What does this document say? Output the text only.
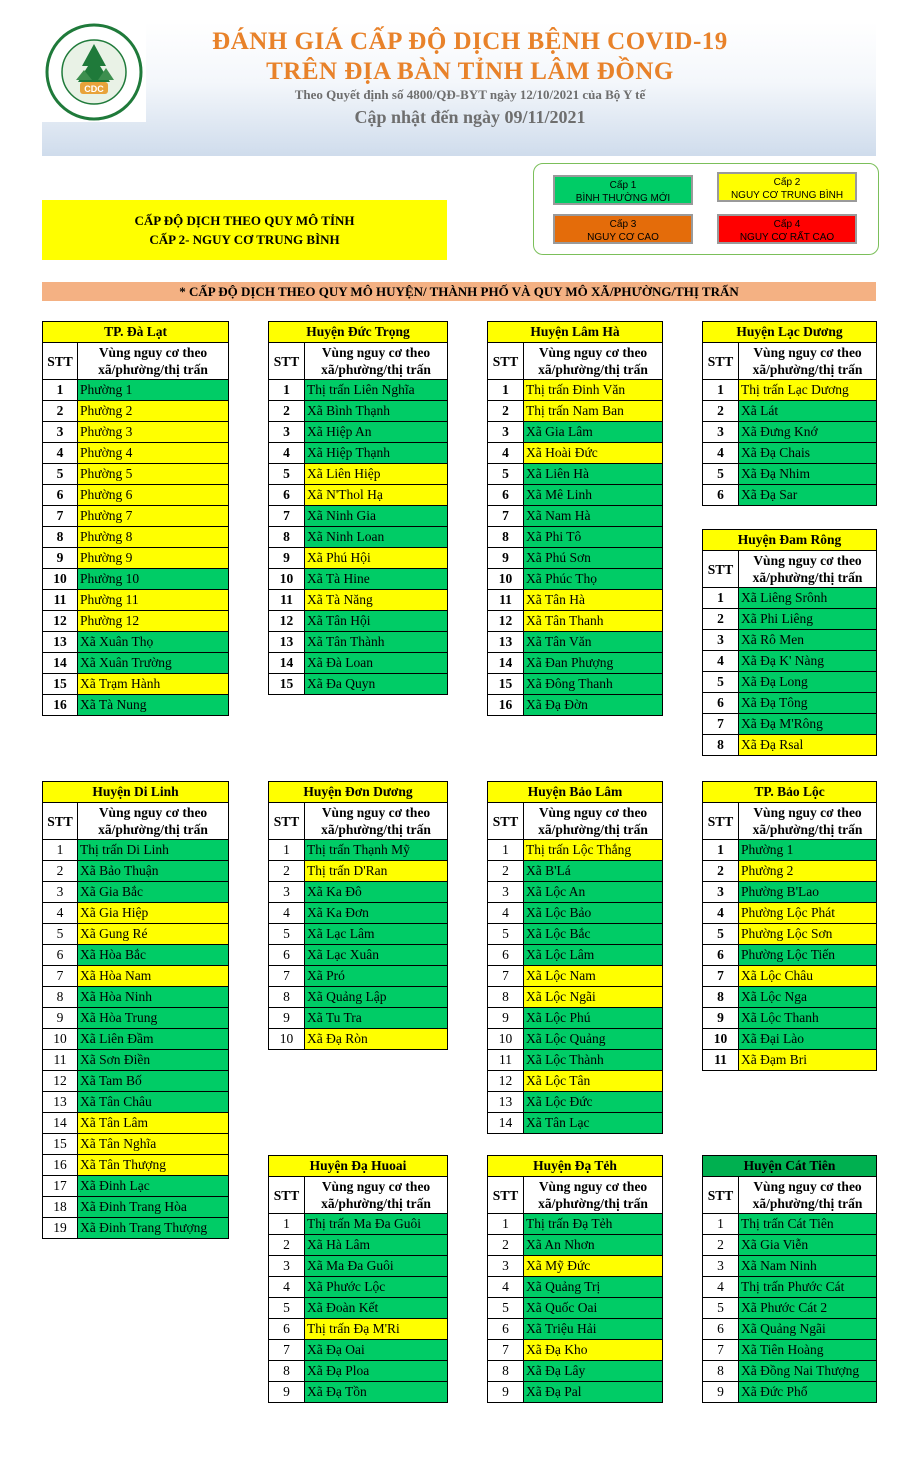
CDC
ĐÁNH GIÁ CẤP ĐỘ DỊCH BỆNH COVID-19
TRÊN ĐỊA BÀN TỈNH LÂM ĐỒNG
Theo Quyết định số 4800/QĐ-BYT ngày 12/10/2021 của Bộ Y tế
Cập nhật đến ngày 09/11/2021
Cấp 1
BÌNH THƯỜNG MỚI
Cấp 2
NGUY CƠ TRUNG BÌNH
Cấp 3
NGUY CƠ CAO
Cấp 4
NGUY CƠ RẤT CAO
CẤP ĐỘ DỊCH THEO QUY MÔ TỈNH
CẤP 2- NGUY CƠ TRUNG BÌNH
* CẤP ĐỘ DỊCH THEO QUY MÔ HUYỆN/ THÀNH PHỐ VÀ QUY MÔ XÃ/PHƯỜNG/THỊ TRẤN
TP. Đà Lạt	
STT	Vùng nguy cơ theo
xã/phường/thị trấn

1	Phường 1
2	Phường 2
3	Phường 3
4	Phường 4
5	Phường 5
6	Phường 6
7	Phường 7
8	Phường 8
9	Phường 9
10	Phường 10
11	Phường 11
12	Phường 12
13	Xã Xuân Thọ
14	Xã Xuân Trường
15	Xã Trạm Hành
16	Xã Tà Nung
Huyện Đức Trọng	
STT	Vùng nguy cơ theo
xã/phường/thị trấn

1	Thị trấn Liên Nghĩa
2	Xã Bình Thạnh
3	Xã Hiệp An
4	Xã Hiệp Thạnh
5	Xã Liên Hiệp
6	Xã N'Thol Hạ
7	Xã Ninh Gia
8	Xã Ninh Loan
9	Xã Phú Hội
10	Xã Tà Hine
11	Xã Tà Năng
12	Xã Tân Hội
13	Xã Tân Thành
14	Xã Đà Loan
15	Xã Đa Quyn
Huyện Lâm Hà	
STT	Vùng nguy cơ theo
xã/phường/thị trấn

1	Thị trấn Đinh Văn
2	Thị trấn Nam Ban
3	Xã Gia Lâm
4	Xã Hoài Đức
5	Xã Liên Hà
6	Xã Mê Linh
7	Xã Nam Hà
8	Xã Phi Tô
9	Xã Phú Sơn
10	Xã Phúc Thọ
11	Xã Tân Hà
12	Xã Tân Thanh
13	Xã Tân Văn
14	Xã Đan Phượng
15	Xã Đông Thanh
16	Xã Đạ Đờn
Huyện Lạc Dương	
STT	Vùng nguy cơ theo
xã/phường/thị trấn

1	Thị trấn Lạc Dương
2	Xã Lát
3	Xã Đưng Knớ
4	Xã Đạ Chais
5	Xã Đạ Nhim
6	Xã Đạ Sar
Huyện Đam Rông	
STT	Vùng nguy cơ theo
xã/phường/thị trấn

1	Xã Liêng Srônh
2	Xã Phi Liêng
3	Xã Rô Men
4	Xã Đạ K' Nàng
5	Xã Đạ Long
6	Xã Đạ Tông
7	Xã Đạ M'Rông
8	Xã Đạ Rsal
Huyện Di Linh	
STT	Vùng nguy cơ theo
xã/phường/thị trấn

1	Thị trấn Di Linh
2	Xã Bảo Thuận
3	Xã Gia Bắc
4	Xã Gia Hiệp
5	Xã Gung Ré
6	Xã Hòa Bắc
7	Xã Hòa Nam
8	Xã Hòa Ninh
9	Xã Hòa Trung
10	Xã Liên Đầm
11	Xã Sơn Điền
12	Xã Tam Bố
13	Xã Tân Châu
14	Xã Tân Lâm
15	Xã Tân Nghĩa
16	Xã Tân Thượng
17	Xã Đinh Lạc
18	Xã Đinh Trang Hòa
19	Xã Đinh Trang Thượng
Huyện Đơn Dương	
STT	Vùng nguy cơ theo
xã/phường/thị trấn

1	Thị trấn Thạnh Mỹ
2	Thị trấn D'Ran
3	Xã Ka Đô
4	Xã Ka Đơn
5	Xã Lạc Lâm
6	Xã Lạc Xuân
7	Xã Pró
8	Xã Quảng Lập
9	Xã Tu Tra
10	Xã Đạ Ròn
Huyện Bảo Lâm	
STT	Vùng nguy cơ theo
xã/phường/thị trấn

1	Thị trấn Lộc Thắng
2	Xã B'Lá
3	Xã Lộc An
4	Xã Lộc Bảo
5	Xã Lộc Bắc
6	Xã Lộc Lâm
7	Xã Lộc Nam
8	Xã Lộc Ngãi
9	Xã Lộc Phú
10	Xã Lộc Quảng
11	Xã Lộc Thành
12	Xã Lộc Tân
13	Xã Lộc Đức
14	Xã Tân Lạc
TP. Bảo Lộc	
STT	Vùng nguy cơ theo
xã/phường/thị trấn

1	Phường 1
2	Phường 2
3	Phường B'Lao
4	Phường Lộc Phát
5	Phường Lộc Sơn
6	Phường Lộc Tiến
7	Xã Lộc Châu
8	Xã Lộc Nga
9	Xã Lộc Thanh
10	Xã Đại Lào
11	Xã Đạm Bri
Huyện Đạ Huoai	
STT	Vùng nguy cơ theo
xã/phường/thị trấn

1	Thị trấn Ma Đa Guôi
2	Xã Hà Lâm
3	Xã Ma Đa Guôi
4	Xã Phước Lộc
5	Xã Đoàn Kết
6	Thị trấn Đạ M'Ri
7	Xã Đạ Oai
8	Xã Đạ Ploa
9	Xã Đạ Tồn
Huyện Đạ Tẻh	
STT	Vùng nguy cơ theo
xã/phường/thị trấn

1	Thị trấn Đạ Tẻh
2	Xã An Nhơn
3	Xã Mỹ Đức
4	Xã Quảng Trị
5	Xã Quốc Oai
6	Xã Triệu Hải
7	Xã Đạ Kho
8	Xã Đạ Lây
9	Xã Đạ Pal
Huyện Cát Tiên	
STT	Vùng nguy cơ theo
xã/phường/thị trấn

1	Thị trấn Cát Tiên
2	Xã Gia Viễn
3	Xã Nam Ninh
4	Thị trấn Phước Cát
5	Xã Phước Cát 2
6	Xã Quảng Ngãi
7	Xã Tiên Hoàng
8	Xã Đồng Nai Thượng
9	Xã Đức Phổ
